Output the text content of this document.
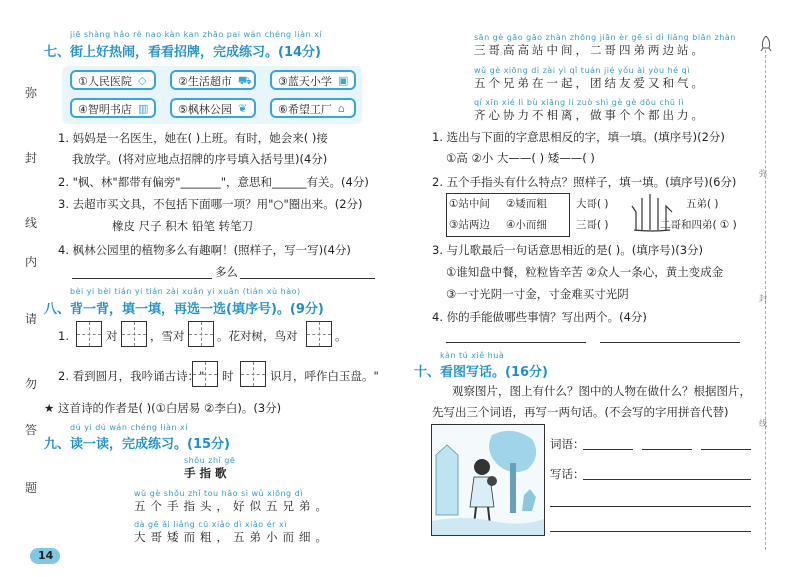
jiē shàng hǎo rè nao kàn kan zhāo pai wán chéng liàn xí
七、街上好热闹，看看招牌，完成练习。(14分)
①人民医院 ◇	②生活超市 ⛟	③蓝天小学 ▣
④智明书店 ▥	⑤枫林公园 ❦	⑥希望工厂 ⌂
1. 妈妈是一名医生，她在( )上班。有时，她会来( )接
我放学。(将对应地点招牌的序号填入括号里)(4分)
2. "枫、林"都带有偏旁"_______"，意思和______有关。(4分)
3. 去超市买文具，不包括下面哪一项？用"○"圈出来。(2分)
橡皮 尺子 积木 铅笔 转笔刀
4. 枫林公园里的植物多么有趣啊！(照样子，写一写)(4分)
多么
bèi yi bèi tián yi tián zài xuǎn yi xuǎn (tián xù hào)
八、背一背，填一填，再选一选(填序号)。(9分)
1.	对	，雪对	。花对树，鸟对	。
2. 看到圆月，我吟诵古诗：" 时	识月，呼作白玉盘。"
★ 这首诗的作者是( )(①白居易 ②李白)。(3分)
dú yi dú wán chéng liàn xí
九、读一读，完成练习。(15分)
shǒu zhǐ gē
手 指 歌
wǔ gè shǒu zhǐ tou hǎo sì wǔ xiōng dì
五个手指头，好似五兄弟。
dà gē ǎi liǎng cū xiǎo dì xiǎo ér xì
大哥矮而粗，五弟小而细。
14
sān gè gāo gāo zhàn zhōng jiān èr gē sì dì liǎng biān zhàn
三哥高高站中间，二哥四弟两边站。
wǔ gè xiōng dì zài yì qǐ tuán jié yǒu ài yòu hé qì
五个兄弟在一起，团结友爱又和气。
qí xīn xié lì bù xiāng lí zuò shì gè gè dōu chū lì
齐心协力不相离，做事个个都出力。
1. 选出与下面的字意思相反的字，填一填。(填序号)(2分)
①高 ②小 大——( ) 矮——( )
2. 五个手指头有什么特点？照样子，填一填。(填序号)(6分)
①站中间 ②矮而粗
③站两边 ④小而细
大哥( )
三哥( )
五弟( )
二哥和四弟( ① )
3. 与儿歌最后一句话意思相近的是( )。(填序号)(3分)
①谁知盘中餐，粒粒皆辛苦 ②众人一条心，黄土变成金
③一寸光阴一寸金，寸金难买寸光阴
4. 你的手能做哪些事情？写出两个。(4分)
kàn tú xiě huà
十、看图写话。(16分)
观察图片，图上有什么？图中的人物在做什么？根据图片，
先写出三个词语，再写一两句话。(不会写的字用拼音代替)
词语：
写话：
弥
封
线
内
请
勿
答
题
弥
封
线
